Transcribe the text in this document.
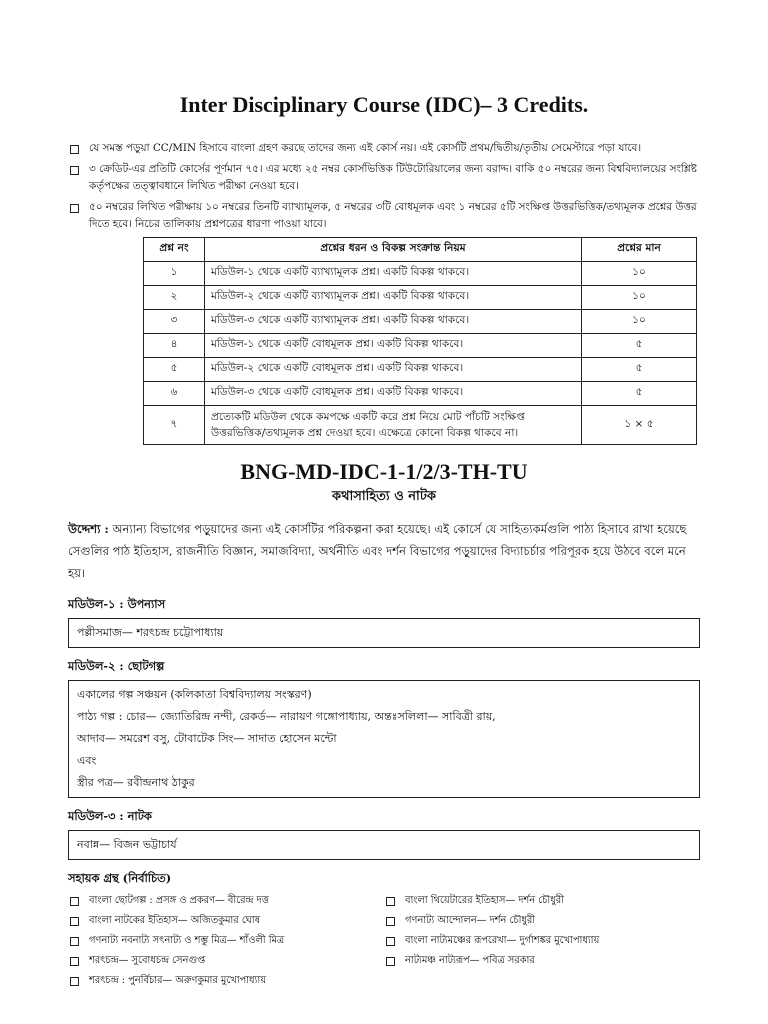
Inter Disciplinary Course (IDC)– 3 Credits.
যে সমস্ত পড়ুয়া CC/MIN হিসাবে বাংলা গ্রহণ করছে তাদের জন্য এই কোর্স নয়। এই কোর্সটি প্রথম/দ্বিতীয়/তৃতীয় সেমেস্টারে পড়া যাবে।
৩ ক্রেডিট-এর প্রতিটি কোর্সের পূর্ণমান ৭৫। এর মধ্যে ২৫ নম্বর কোর্সভিত্তিক টিউটোরিয়ালের জন্য বরাদ্দ। বাকি ৫০ নম্বরের জন্য বিশ্ববিদ্যালয়ের সংশ্লিষ্ট কর্তৃপক্ষের তত্ত্বাবধানে লিখিত পরীক্ষা নেওয়া হবে।
৫০ নম্বরের লিখিত পরীক্ষায় ১০ নম্বরের তিনটি ব্যাখ্যামূলক, ৫ নম্বরের ৩টি বোধমূলক এবং ১ নম্বরের ৫টি সংক্ষিপ্ত উত্তরভিত্তিক/তথ্যমূলক প্রশ্নের উত্তর দিতে হবে। নিচের তালিকায় প্রশ্নপত্রের ধারণা পাওয়া যাবে।
প্রশ্ন নং	প্রশ্নের ধরন ও বিকল্প সংক্রান্ত নিয়ম	প্রশ্নের মান
১	মডিউল-১ থেকে একটি ব্যাখ্যামূলক প্রশ্ন। একটি বিকল্প থাকবে।	১০
২	মডিউল-২ থেকে একটি ব্যাখ্যামূলক প্রশ্ন। একটি বিকল্প থাকবে।	১০
৩	মডিউল-৩ থেকে একটি ব্যাখ্যামূলক প্রশ্ন। একটি বিকল্প থাকবে।	১০
৪	মডিউল-১ থেকে একটি বোধমূলক প্রশ্ন। একটি বিকল্প থাকবে।	৫
৫	মডিউল-২ থেকে একটি বোধমূলক প্রশ্ন। একটি বিকল্প থাকবে।	৫
৬	মডিউল-৩ থেকে একটি বোধমূলক প্রশ্ন। একটি বিকল্প থাকবে।	৫
৭	প্রত্যেকটি মডিউল থেকে কমপক্ষে একটি করে প্রশ্ন নিয়ে মোট পাঁচটি সংক্ষিপ্ত উত্তরভিত্তিক/তথ্যমূলক প্রশ্ন দেওয়া হবে। এক্ষেত্রে কোনো বিকল্প থাকবে না।	১ × ৫
BNG-MD-IDC-1-1/2/3-TH-TU
কথাসাহিত্য ও নাটক

উদ্দেশ্য : অন্যান্য বিভাগের পড়ুয়াদের জন্য এই কোর্সটির পরিকল্পনা করা হয়েছে। এই কোর্সে যে সাহিত্যকর্মগুলি পাঠ্য হিসাবে রাখা হয়েছে সেগুলির পাঠ ইতিহাস, রাজনীতি বিজ্ঞান, সমাজবিদ্যা, অর্থনীতি এবং দর্শন বিভাগের পড়ুয়াদের বিদ্যাচর্চার পরিপূরক হয়ে উঠবে বলে মনে হয়।

মডিউল-১ : উপন্যাস
পল্লীসমাজ— শরৎচন্দ্র চট্টোপাধ্যায়
মডিউল-২ : ছোটগল্প
একালের গল্প সঞ্চয়ন (কলিকাতা বিশ্ববিদ্যালয় সংস্করণ)
পাঠ্য গল্প : চোর— জ্যোতিরিন্দ্র নন্দী, রেকর্ড— নারায়ণ গঙ্গোপাধ্যায়, অন্তঃসলিলা— সাবিত্রী রায়,
আদাব— সমরেশ বসু, টোবাটেক সিং— সাদাত হোসেন মন্টো
এবং
স্ত্রীর পত্র— রবীন্দ্রনাথ ঠাকুর
মডিউল-৩ : নাটক
নবান্ন— বিজন ভট্টাচার্য
সহায়ক গ্রন্থ (নির্বাচিত)
বাংলা ছোটগল্প : প্রসঙ্গ ও প্রকরণ— বীরেন্দ্র দত্ত
বাংলা নাটকের ইতিহাস— অজিতকুমার ঘোষ
গণনাট্য নবনাট্য সৎনাট্য ও শম্ভু মিত্র— শাঁওলী মিত্র
শরৎচন্দ্র— সুবোধচন্দ্র সেনগুপ্ত
শরৎচন্দ্র : পুনর্বিচার— অরুণকুমার মুখোপাধ্যায়
বাংলা থিয়েটারের ইতিহাস— দর্শন চৌধুরী
গণনাট্য আন্দোলন— দর্শন চৌধুরী
বাংলা নাট্যমঞ্চের রূপরেখা— দুর্গাশঙ্কর মুখোপাধ্যায়
নাট্যমঞ্চ নাট্যরূপ— পবিত্র সরকার
